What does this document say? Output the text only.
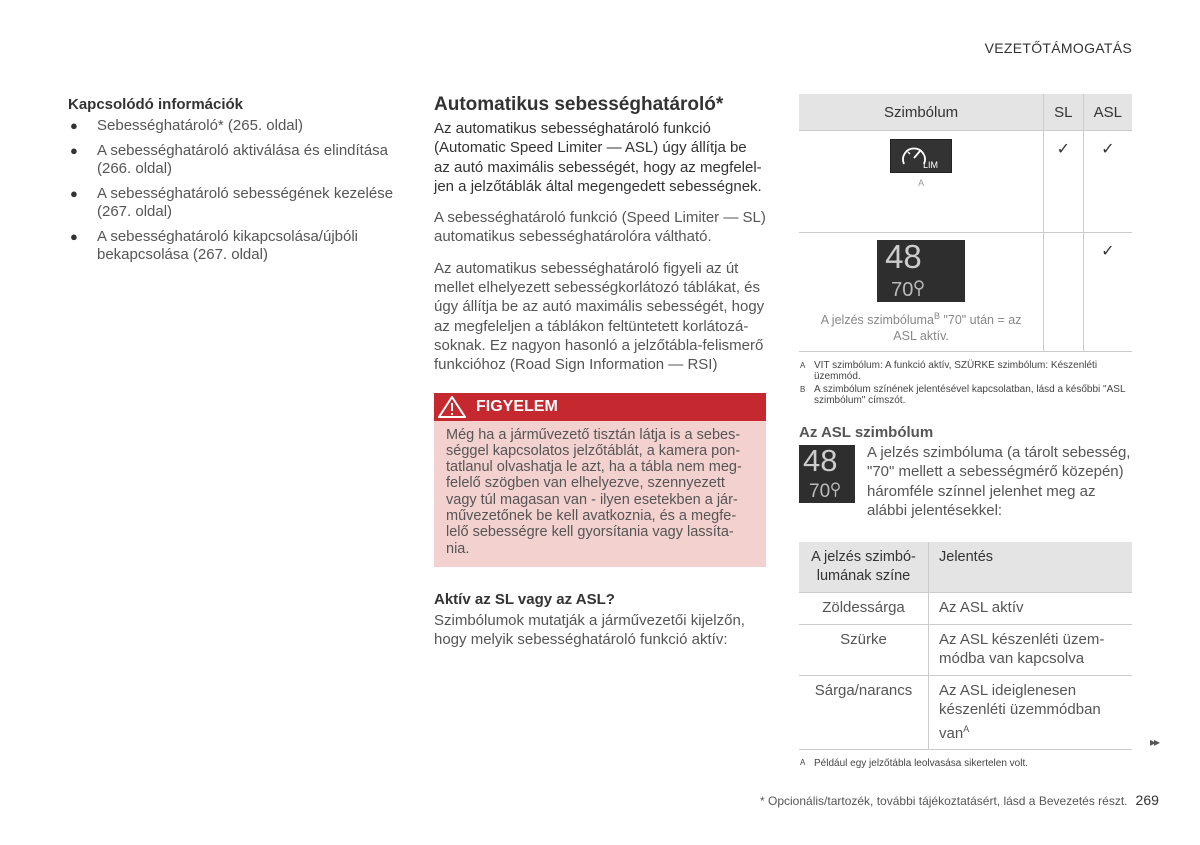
VEZETŐTÁMOGATÁS
Kapcsolódó információk
● Sebességhatároló* (265. oldal)
● A sebességhatároló aktiválása és elindítása (266. oldal)
● A sebességhatároló sebességének kezelése (267. oldal)
● A sebességhatároló kikapcsolása/újbóli bekapcsolása (267. oldal)
Automatikus sebességhatároló*

Az automatikus sebességhatároló funkció (Automatic Speed Limiter — ASL) úgy állítja be az autó maximális sebességét, hogy az megfeleljen a jelzőtáblák által megengedett sebességnek.

A sebességhatároló funkció (Speed Limiter — SL) automatikus sebességhatárolóra váltható.

Az automatikus sebességhatároló figyeli az út mellet elhelyezett sebességkorlátozó táblákat, és úgy állítja be az autó maximális sebességét, hogy az megfeleljen a táblákon feltüntetett korlátozásoknak. Ez nagyon hasonló a jelzőtábla-felismerő funkcióhoz (Road Sign Information — RSI)

FIGYELEM
Még ha a járművezető tisztán látja is a sebességgel kapcsolatos jelzőtáblát, a kamera pontatlanul olvashatja le azt, ha a tábla nem megfelelő szögben van elhelyezve, szennyezett vagy túl magasan van - ilyen esetekben a járművezetőnek be kell avatkoznia, és a megfelelő sebességre kell gyorsítania vagy lassítania.
Aktív az SL vagy az ASL?

Szimbólumok mutatják a járművezetői kijelzőn, hogy melyik sebességhatároló funkció aktív:

Szimbólum	SL	ASL

LIM
A	✓	✓

48
70
A jelzés szimbóluma$^B$ "70" után = az ASL aktív.		✓
A VIT szimbólum: A funkció aktív, SZÜRKE szimbólum: Készenléti üzemmód.
B A szimbólum színének jelentésével kapcsolatban, lásd a későbbi "ASL szimbólum" címszót.
Az ASL szimbólum
48
70
A jelzés szimbóluma (a tárolt sebesség, "70" mellett a sebességmérő közepén) háromféle színnel jelenhet meg az alábbi jelentésekkel:
A jelzés szimbólumának színe	Jelentés
Zöldessárga	Az ASL aktív
Szürke	Az ASL készenléti üzemmódba van kapcsolva
Sárga/narancs	Az ASL ideiglenesen készenléti üzemmódban van$^A$
A Például egy jelzőtábla leolvasása sikertelen volt.
▸▸
* Opcionális/tartozék, további tájékoztatásért, lásd a Bevezetés részt. 269
